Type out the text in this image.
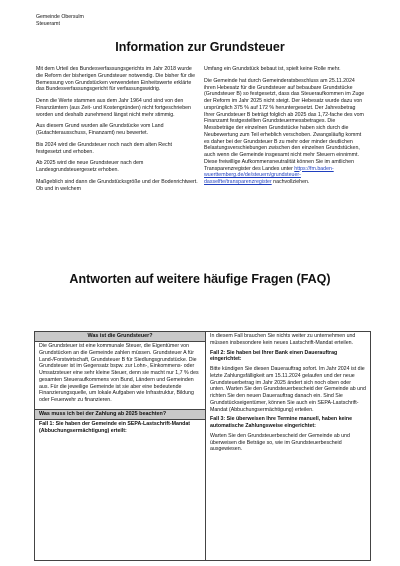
Gemeinde Obersulm
Steueramt
Information zur Grundsteuer

Mit dem Urteil des Bundesverfassungsgerichts im Jahr 2018 wurde die Reform der bisherigen Grundsteuer notwendig. Die bisher für die Bemessung von Grundstücken verwendeten Einheitswerte erklärte das Bundesverfassungsgericht für verfassungswidrig.

Denn die Werte stammen aus dem Jahr 1964 und sind von den Finanzämtern (aus Zeit- und Kostengründen) nicht fortgeschrieben worden und deshalb zunehmend längst nicht mehr stimmig.

Aus diesem Grund wurden alle Grundstücke vom Land (Gutachterausschuss, Finanzamt) neu bewertet.

Bis 2024 wird die Grundsteuer noch nach dem alten Recht festgesetzt und erhoben.

Ab 2025 wird die neue Grundsteuer nach dem Landesgrundsteuergesetz erhoben.

Maßgeblich sind dann die Grundstücksgröße und der Bodenrichtwert. Ob und in welchem

Umfang ein Grundstück bebaut ist, spielt keine Rolle mehr.

Die Gemeinde hat durch Gemeinderatsbeschluss am 25.11.2024 ihren Hebesatz für die Grundsteuer auf bebaubare Grundstücke (Grundsteuer B) so festgesetzt, dass das Steueraufkommen im Zuge der Reform im Jahr 2025 nicht steigt. Der Hebesatz wurde dazu von ursprünglich 375 % auf 172 % heruntergesetzt. Der Jahresbetrag Ihrer Grundsteuer B beträgt folglich ab 2025 das 1,72-fache des vom Finanzamt festgestellten Grundsteuermessbetrages. Die Messbeträge der einzelnen Grundstücke haben sich durch die Neubewertung zum Teil erheblich verschoben. Zwangsläufig kommt es daher bei der Grundsteuer B zu mehr oder minder deutlichen Belastungsverschiebungen zwischen den einzelnen Grundstücken, auch wenn die Gemeinde insgesamt nicht mehr Steuern einnimmt. Diese freiwillige Aufkommensneutralität können Sie im amtlichen Transparenzregister des Landes unter https://fm.baden-wuerttemberg.de/de/steuern/grundsteuer-dasselfte/transparenzregister nachvollziehen.

Antworten auf weitere häufige Fragen (FAQ)
Was ist die Grundsteuer?

Die Grundsteuer ist eine kommunale Steuer, die Eigentümer von Grundstücken an die Gemeinde zahlen müssen. Grundsteuer A für Land-/Forstwirtschaft, Grundsteuer B für Siedlungsgrundstücke. Die Grundsteuer ist im Gegensatz bspw. zur Lohn-, Einkommens- oder Umsatzsteuer eine sehr kleine Steuer, denn sie macht nur 1,7 % des gesamten Steueraufkommens von Bund, Ländern und Gemeinden aus. Für die jeweilige Gemeinde ist sie aber eine bedeutende Finanzierungsquelle, um lokale Aufgaben wie Infrastruktur, Bildung oder Feuerwehr zu finanzieren.

Was muss ich bei der Zahlung ab 2025 beachten?

Fall 1: Sie haben der Gemeinde ein SEPA-Lastschrift-Mandat (Abbuchungsermächtigung) erteilt:

In diesem Fall brauchen Sie nichts weiter zu unternehmen und müssen insbesondere kein neues Lastschrift-Mandat erteilen.

Fall 2: Sie haben bei Ihrer Bank einen Dauerauftrag eingerichtet:

Bitte kündigen Sie diesen Dauerauftrag sofort. Im Jahr 2024 ist die letzte Zahlungsfälligkeit am 15.11.2024 gelaufen und der neue Grundsteuerbetrag im Jahr 2025 ändert sich noch oben oder unten. Warten Sie den Grundsteuerbescheid der Gemeinde ab und richten Sie den neuen Dauerauftrag danach ein. Sind Sie Grundstückseigentümer, können Sie auch ein SEPA-Lastschrift-Mandat (Abbuchungsermächtigung) erteilen.

Fall 3: Sie überweisen Ihre Termine manuell, haben keine automatische Zahlungsweise eingerichtet:

Warten Sie den Grundsteuerbescheid der Gemeinde ab und überweisen die Beträge so, wie im Grundsteuerbescheid ausgewiesen.
